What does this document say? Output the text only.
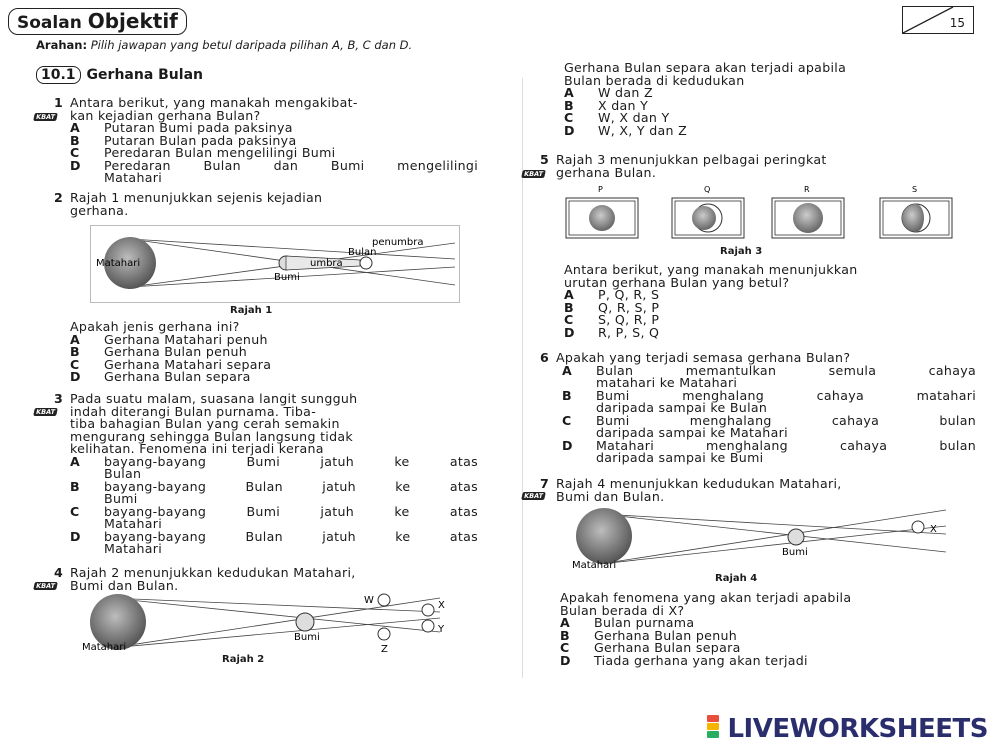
Soalan Objektif	15
Arahan: Pilih jawapan yang betul daripada pilihan A, B, C dan D.
10.1 Gerhana Bulan
1 Antara berikut, yang manakah mengakibat-
kan kejadian gerhana Bulan?
A	Putaran Bumi pada paksinya
B	Putaran Bulan pada paksinya
C	Peredaran Bulan mengelilingi Bumi
D	Peredaran Bulan dan Bumi mengelilingi
Matahari
2 Rajah 1 menunjukkan sejenis kejadian
gerhana.
Matahari	umbra
Bulan
penumbra
Bumi
Rajah 1
Apakah jenis gerhana ini?
A	Gerhana Matahari penuh
B	Gerhana Bulan penuh
C	Gerhana Matahari separa
D	Gerhana Bulan separa
3 Pada suatu malam, suasana langit sungguh
indah diterangi Bulan purnama. Tiba-
tiba bahagian Bulan yang cerah semakin
mengurang sehingga Bulan langsung tidak
kelihatan. Fenomena ini terjadi kerana
A	bayang-bayang Bumi jatuh ke atas
Bulan
B	bayang-bayang Bulan jatuh ke atas
Bumi
C	bayang-bayang Bumi jatuh ke atas
Matahari
D	bayang-bayang Bulan jatuh ke atas
Matahari
4 Rajah 2 menunjukkan kedudukan Matahari,
Bumi dan Bulan.
W	X
Y
Z
Bumi
Matahari
Rajah 2
Gerhana Bulan separa akan terjadi apabila
Bulan berada di kedudukan
A	W dan Z
B	X dan Y
C	W, X dan Y
D	W, X, Y dan Z
5 Rajah 3 menunjukkan pelbagai peringkat
gerhana Bulan.
P	Q	R	S
Rajah 3
Antara berikut, yang manakah menunjukkan
urutan gerhana Bulan yang betul?
A	P, Q, R, S
B	Q, R, S, P
C	S, Q, R, P
D	R, P, S, Q
6 Apakah yang terjadi semasa gerhana Bulan?
A	Bulan memantulkan semula cahaya
matahari ke Matahari
B	Bumi menghalang cahaya matahari
daripada sampai ke Bulan
C	Bumi menghalang cahaya bulan
daripada sampai ke Matahari
D	Matahari menghalang cahaya bulan
daripada sampai ke Bumi
7 Rajah 4 menunjukkan kedudukan Matahari,
Bumi dan Bulan.
X
Bumi
Matahari
Rajah 4
Apakah fenomena yang akan terjadi apabila
Bulan berada di X?
A	Bulan purnama
B	Gerhana Bulan penuh
C	Gerhana Bulan separa
D	Tiada gerhana yang akan terjadi
KBAT
KBAT
KBAT
KBAT
KBAT
LIVEWORKSHEETS
